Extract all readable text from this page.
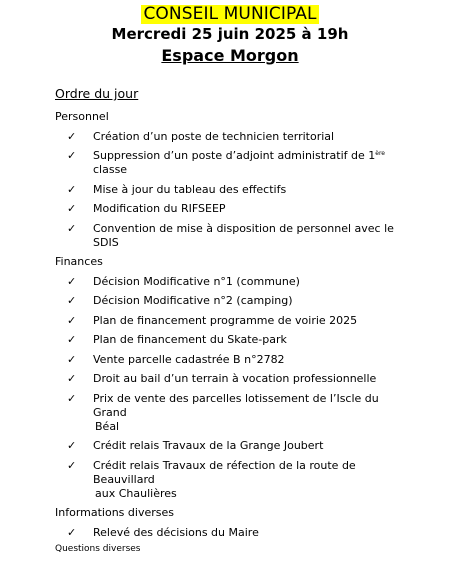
CONSEIL MUNICIPAL
Mercredi 25 juin 2025 à 19h
Espace Morgon
Ordre du jour
Personnel
✓ Création d’un poste de technicien territorial
✓ Suppression d’un poste d’adjoint administratif de 1ère classe
✓ Mise à jour du tableau des effectifs
✓ Modification du RIFSEEP
✓ Convention de mise à disposition de personnel avec le SDIS
Finances
✓ Décision Modificative n°1 (commune)
✓ Décision Modificative n°2 (camping)
✓ Plan de financement programme de voirie 2025
✓ Plan de financement du Skate-park
✓ Vente parcelle cadastrée B n°2782
✓ Droit au bail d’un terrain à vocation professionnelle
✓ Prix de vente des parcelles lotissement de l’Iscle du Grand
Béal
✓ Crédit relais Travaux de la Grange Joubert
✓ Crédit relais Travaux de réfection de la route de Beauvillard
aux Chaulières
Informations diverses
✓ Relevé des décisions du Maire
Questions diverses
